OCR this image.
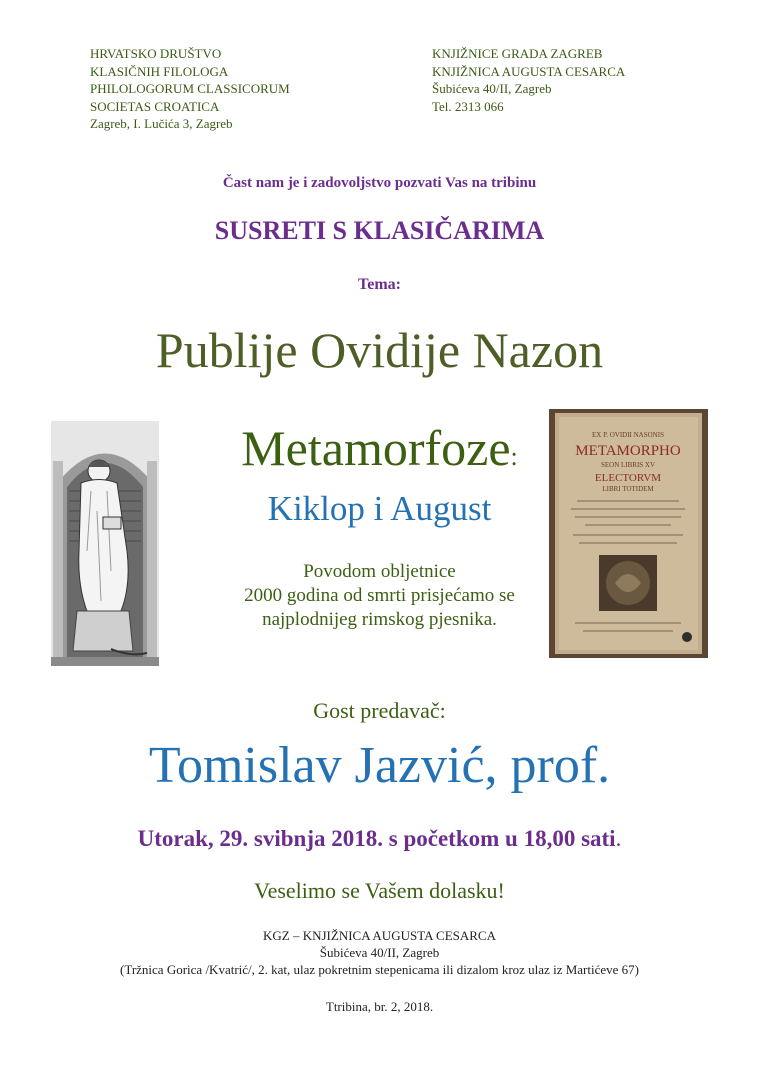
HRVATSKO DRUŠTVO
KLASIČNIH FILOLOGA
PHILOLOGORUM CLASSICORUM
SOCIETAS CROATICA
Zagreb, I. Lučića 3, Zagreb
KNJIŽNICE GRADA ZAGREB
KNJIŽNICA AUGUSTA CESARCA
Šubićeva 40/II, Zagreb
Tel. 2313 066
Čast nam je i zadovoljstvo pozvati Vas na tribinu
SUSRETI S KLASIČARIMA
Tema:
Publije Ovidije Nazon
Metamorfoze:
Kiklop i August
Povodom obljetnice
2000 godina od smrti prisjećamo se
najplodnijeg rimskog pjesnika.
EX P. OVIDII NASONIS
METAMORPHO
SEON LIBRIS XV
ELECTORVM
LIBRI TOTIDEM
Gost predavač:
Tomislav Jazvić, prof.
Utorak, 29. svibnja 2018. s početkom u 18,00 sati.
Veselimo se Vašem dolasku!
KGZ – KNJIŽNICA AUGUSTA CESARCA
Šubićeva 40/II, Zagreb
(Tržnica Gorica /Kvatrić/, 2. kat, ulaz pokretnim stepenicama ili dizalom kroz ulaz iz Martićeve 67)
Ttribina, br. 2, 2018.
